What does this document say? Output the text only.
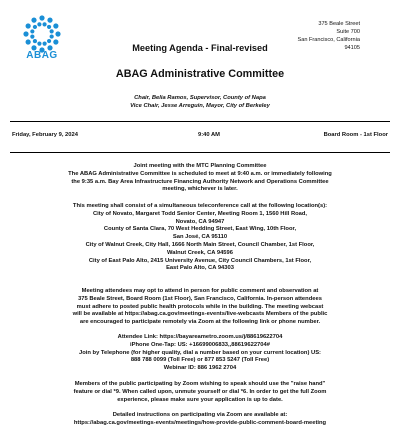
ABAG
375 Beale Street
Suite 700
San Francisco, California
94105
Meeting Agenda - Final-revised
ABAG Administrative Committee
Chair, Belia Ramos, Supervisor, County of Napa
Vice Chair, Jesse Arreguin, Mayor, City of Berkeley
Friday, February 9, 2024	9:40 AM	Board Room - 1st Floor
Joint meeting with the MTC Planning Committee
The ABAG Administrative Committee is scheduled to meet at 9:40 a.m. or immediately following
the 9:35 a.m. Bay Area Infrastructure Financing Authority Network and Operations Committee
meeting, whichever is later.
This meeting shall consist of a simultaneous teleconference call at the following location(s):
City of Novato, Margaret Todd Senior Center, Meeting Room 1, 1560 Hill Road,
Novato, CA 94947
County of Santa Clara, 70 West Hedding Street, East Wing, 10th Floor,
San José, CA 95110
City of Walnut Creek, City Hall, 1666 North Main Street, Council Chamber, 1st Floor,
Walnut Creek, CA 94596
City of East Palo Alto, 2415 University Avenue, City Council Chambers, 1st Floor,
East Palo Alto, CA 94303
Meeting attendees may opt to attend in person for public comment and observation at
375 Beale Street, Board Room (1st Floor), San Francisco, California. In-person attendees
must adhere to posted public health protocols while in the building. The meeting webcast
will be available at https://abag.ca.gov/meetings-events/live-webcasts Members of the public
are encouraged to participate remotely via Zoom at the following link or phone number.
Attendee Link: https://bayareametro.zoom.us/j/88619622704
iPhone One-Tap: US: +16699006833,,88619622704#
Join by Telephone (for higher quality, dial a number based on your current location) US:
888 788 0099 (Toll Free) or 877 853 5247 (Toll Free)
Webinar ID: 886 1962 2704
Members of the public participating by Zoom wishing to speak should use the "raise hand"
feature or dial *9. When called upon, unmute yourself or dial *6. In order to get the full Zoom
experience, please make sure your application is up to date.
Detailed instructions on participating via Zoom are available at:
https://abag.ca.gov/meetings-events/meetings/how-provide-public-comment-board-meeting
